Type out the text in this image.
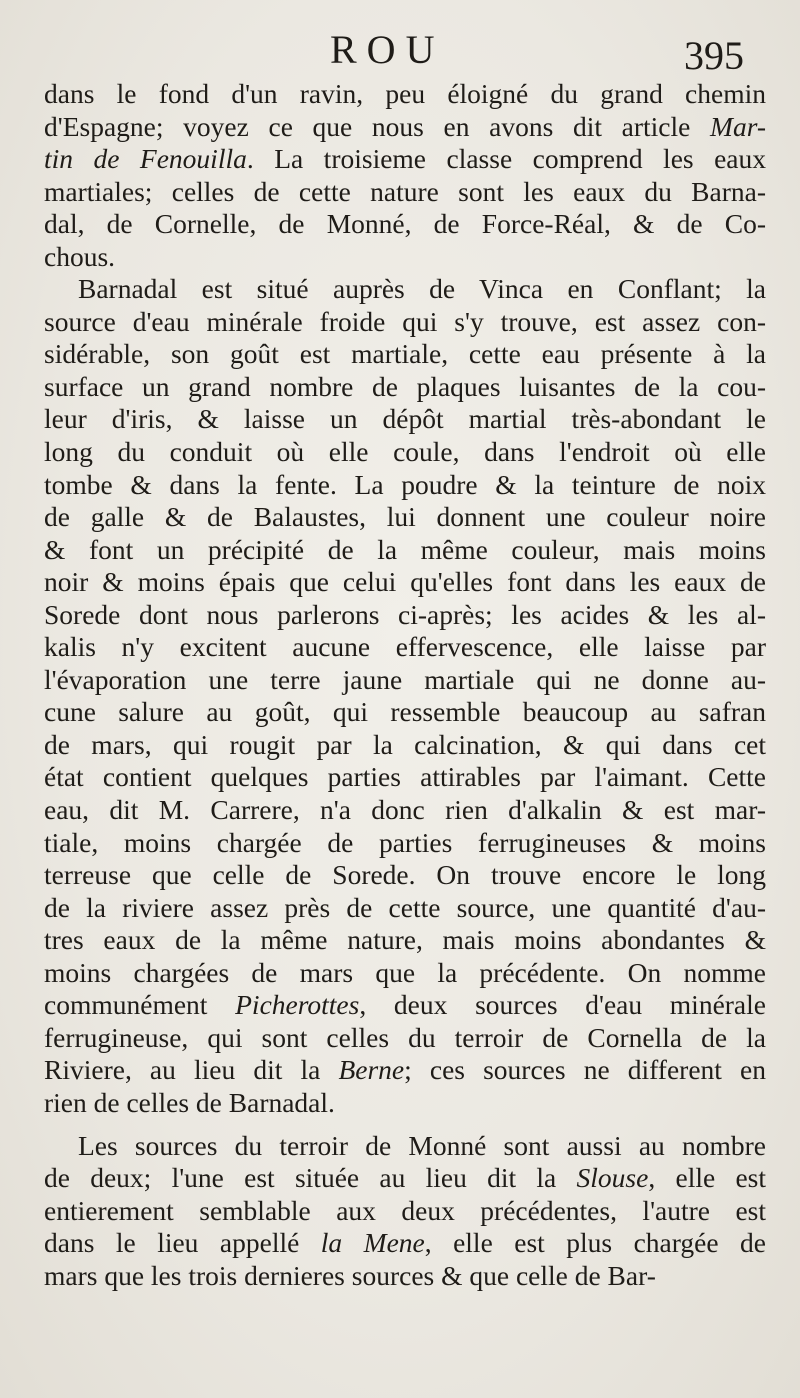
ROU	395
dans le fond d'un ravin, peu éloigné du grand chemin
d'Espagne; voyez ce que nous en avons dit article Mar-
tin de Fenouilla. La troisieme classe comprend les eaux
martiales; celles de cette nature sont les eaux du Barna-
dal, de Cornelle, de Monné, de Force-Réal, & de Co-
chous.
Barnadal est situé auprès de Vinca en Conflant; la
source d'eau minérale froide qui s'y trouve, est assez con-
sidérable, son goût est martiale, cette eau présente à la
surface un grand nombre de plaques luisantes de la cou-
leur d'iris, & laisse un dépôt martial très-abondant le
long du conduit où elle coule, dans l'endroit où elle
tombe & dans la fente. La poudre & la teinture de noix
de galle & de Balaustes, lui donnent une couleur noire
& font un précipité de la même couleur, mais moins
noir & moins épais que celui qu'elles font dans les eaux de
Sorede dont nous parlerons ci-après; les acides & les al-
kalis n'y excitent aucune effervescence, elle laisse par
l'évaporation une terre jaune martiale qui ne donne au-
cune salure au goût, qui ressemble beaucoup au safran
de mars, qui rougit par la calcination, & qui dans cet
état contient quelques parties attirables par l'aimant. Cette
eau, dit M. Carrere, n'a donc rien d'alkalin & est mar-
tiale, moins chargée de parties ferrugineuses & moins
terreuse que celle de Sorede. On trouve encore le long
de la riviere assez près de cette source, une quantité d'au-
tres eaux de la même nature, mais moins abondantes &
moins chargées de mars que la précédente. On nomme
communément Picherottes, deux sources d'eau minérale
ferrugineuse, qui sont celles du terroir de Cornella de la
Riviere, au lieu dit la Berne; ces sources ne different en
rien de celles de Barnadal.
Les sources du terroir de Monné sont aussi au nombre
de deux; l'une est située au lieu dit la Slouse, elle est
entierement semblable aux deux précédentes, l'autre est
dans le lieu appellé la Mene, elle est plus chargée de
mars que les trois dernieres sources & que celle de Bar-
